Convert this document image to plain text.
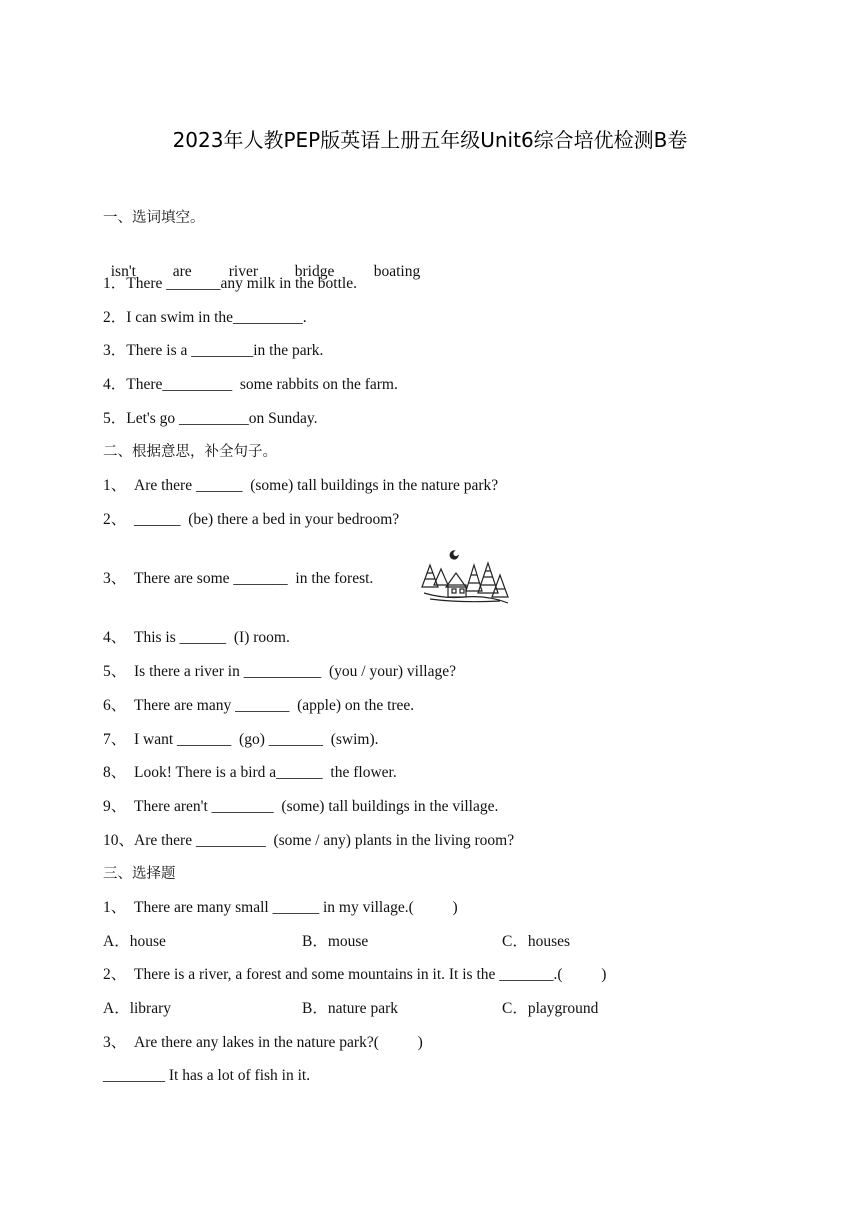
2023年人教PEP版英语上册五年级Unit6综合培优检测B卷
一、选词填空。

isn't are river bridge	boating

1．There _______any milk in the bottle.
2．I can swim in the_________.
3．There is a ________in the park.
4．There_________  some rabbits on the farm.
5．Let's go _________on Sunday.
二、根据意思，补全句子。
1、  Are there ______  (some) tall buildings in the nature park?
2、  ______  (be) there a bed in your bedroom?
3、  There are some _______  in the forest.
4、  This is ______  (I) room.
5、  Is there a river in __________  (you / your) village?
6、  There are many _______  (apple) on the tree.
7、  I want _______  (go) _______  (swim).
8、  Look! There is a bird a______  the flower.
9、  There aren't ________  (some) tall buildings in the village.
10、Are there _________  (some / any) plants in the living room?
三、选择题
1、  There are many small ______ in my village.(          )
A．house	B．mouse	C．houses
2、  There is a river, a forest and some mountains in it. It is the _______.(          )
A．library	B．nature park	C．playground
3、  Are there any lakes in the nature park?(          )
________ It has a lot of fish in it.
